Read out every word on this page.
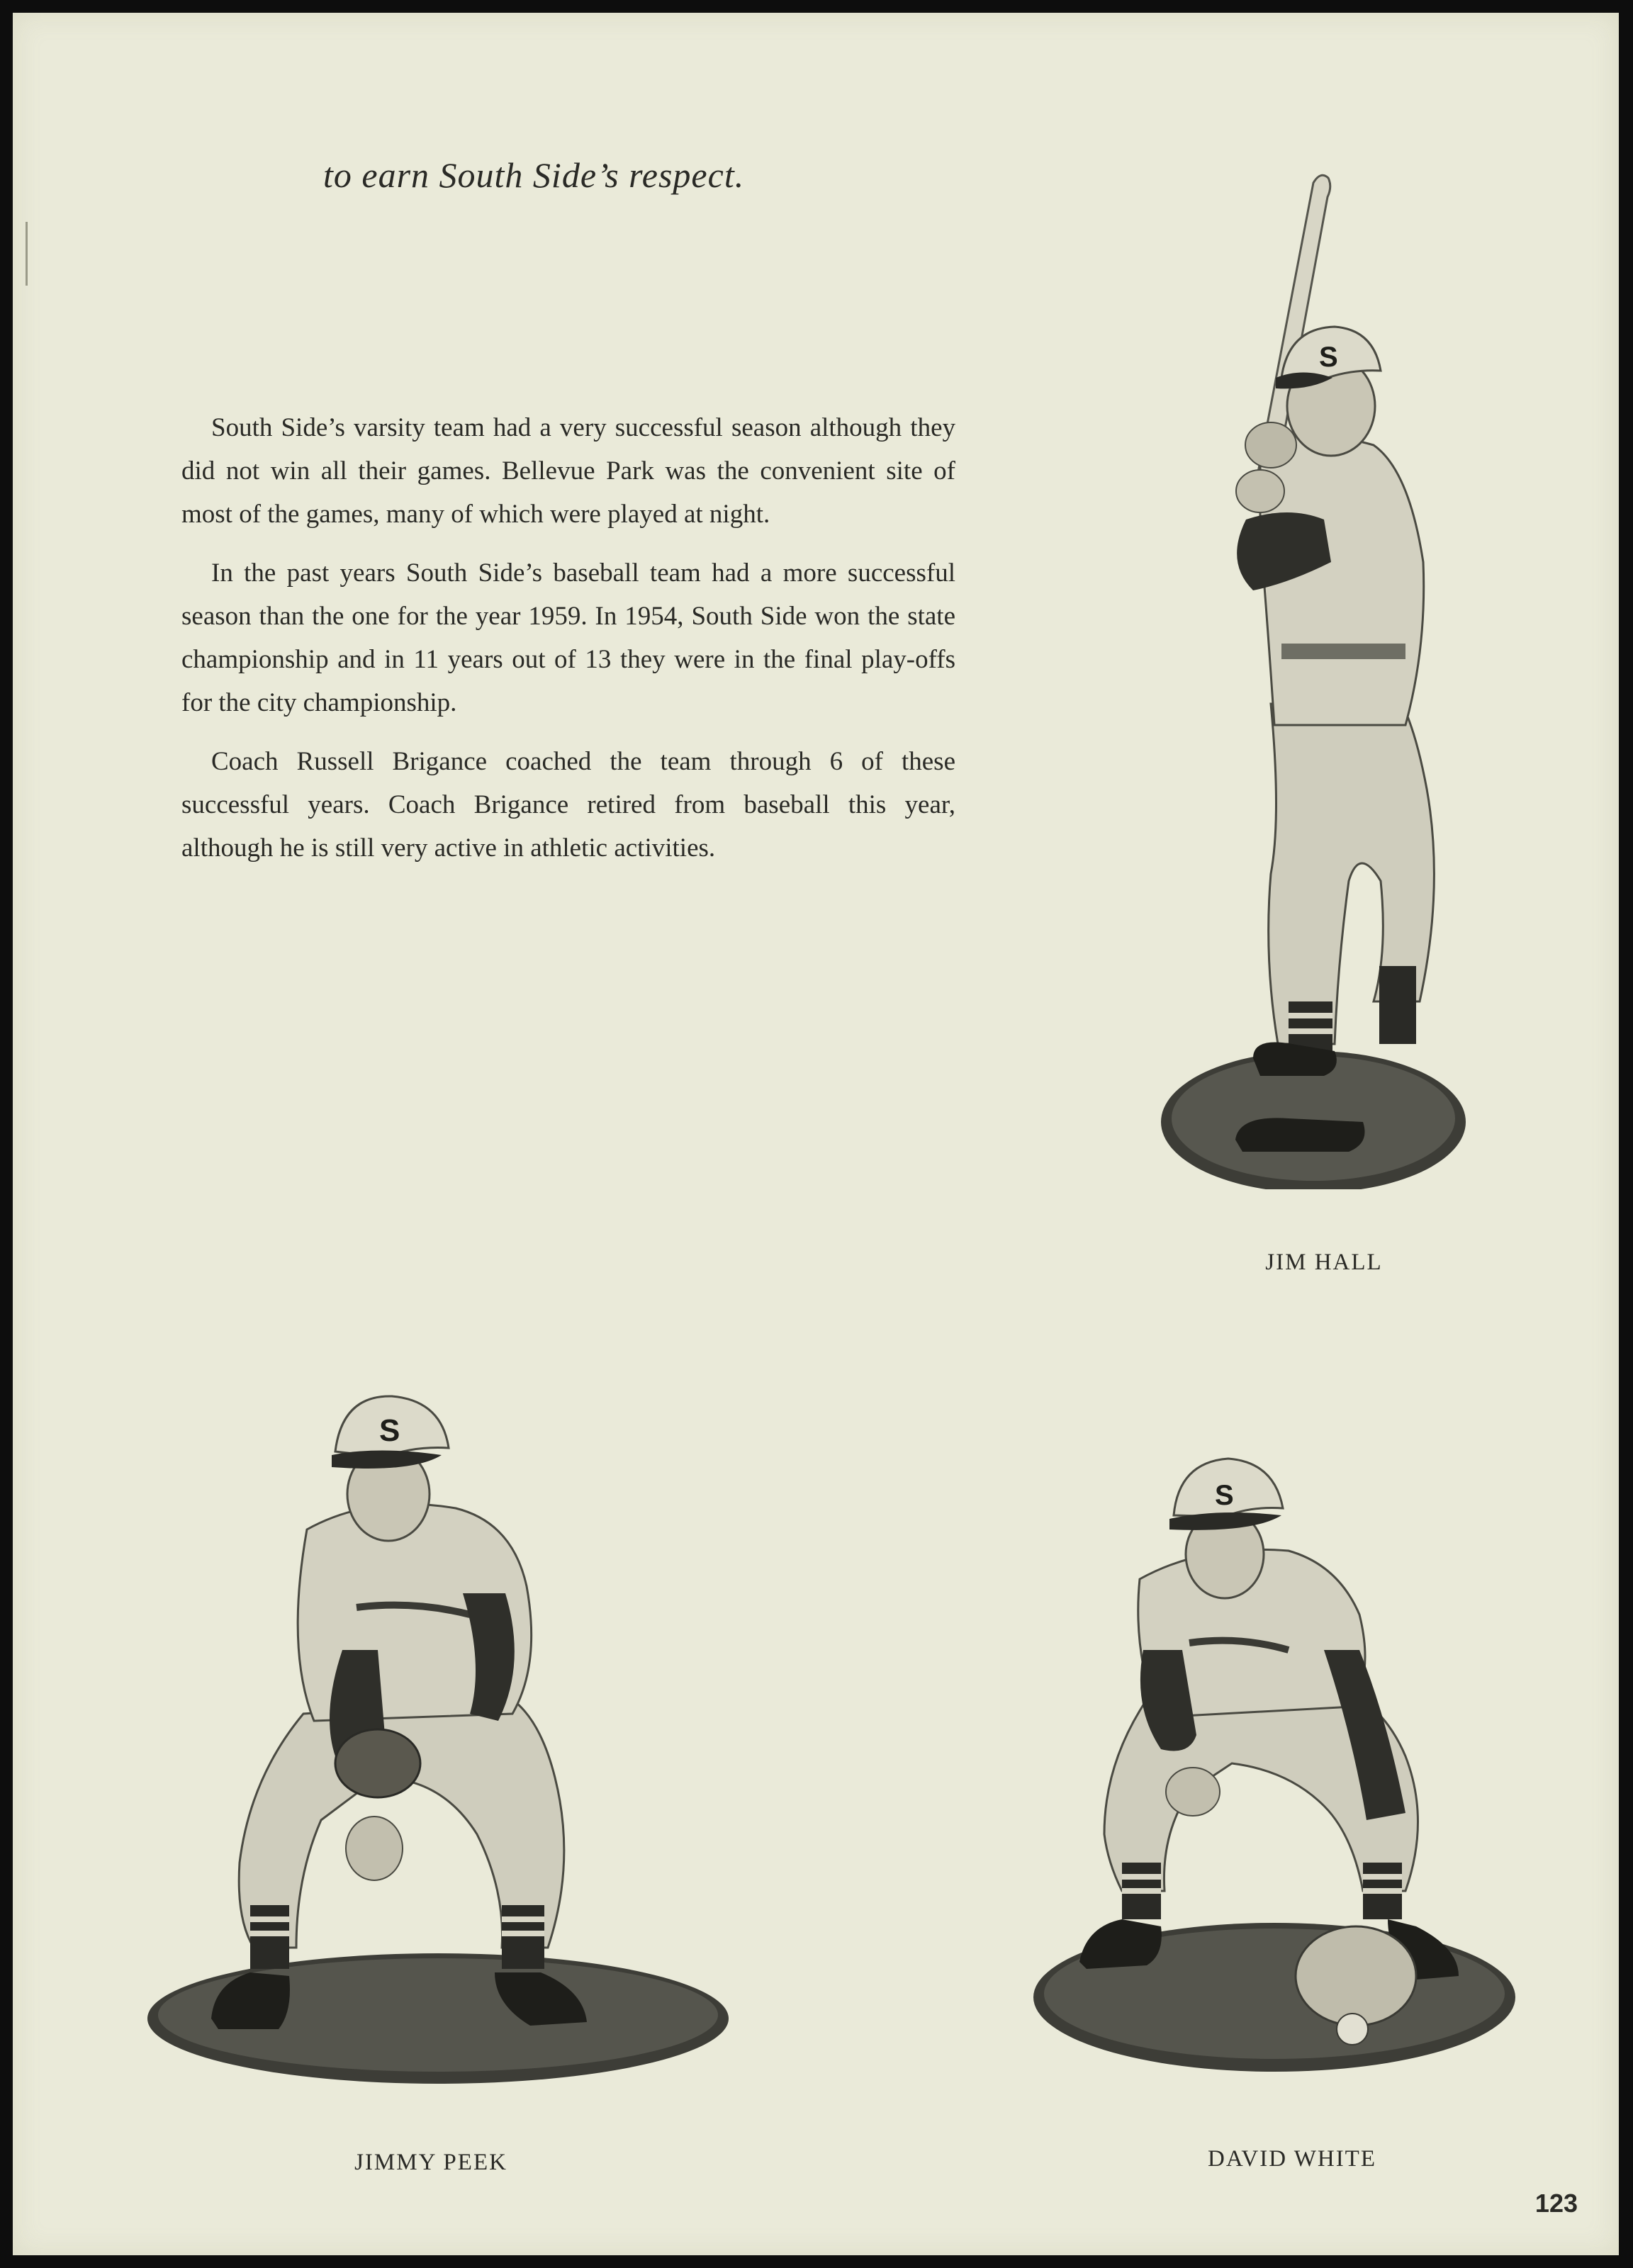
to earn South Side’s respect.

South Side’s varsity team had a very successful season although they did not win all their games. Bellevue Park was the convenient site of most of the games, many of which were played at night.

In the past years South Side’s baseball team had a more successful season than the one for the year 1959. In 1954, South Side won the state championship and in 11 years out of 13 they were in the final play-offs for the city championship.

Coach Russell Brigance coached the team through 6 of these successful years. Coach Brigance retired from baseball this year, although he is still very active in athletic activities.

S
JIM HALL
S
JIMMY PEEK
S
DAVID WHITE
123
